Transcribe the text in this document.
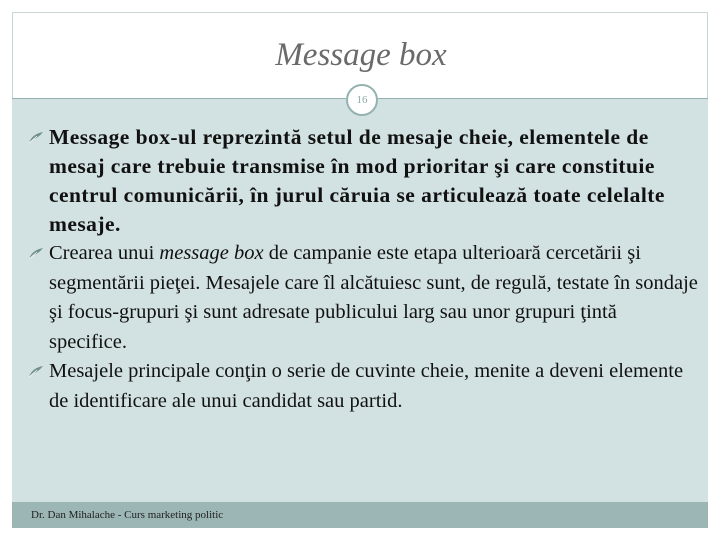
Message box
16
Message box-ul reprezintă setul de mesaje cheie, elementele de mesaj care trebuie transmise în mod prioritar şi care constituie centrul comunicării, în jurul căruia se articulează toate celelalte mesaje.
Crearea unui message box de campanie este etapa ulterioară cercetării şi segmentării pieţei. Mesajele care îl alcătuiesc sunt, de regulă, testate în sondaje şi focus-grupuri şi sunt adresate publicului larg sau unor grupuri ţintă specifice.
Mesajele principale conţin o serie de cuvinte cheie, menite a deveni elemente de identificare ale unui candidat sau partid.
Dr. Dan Mihalache - Curs marketing politic
